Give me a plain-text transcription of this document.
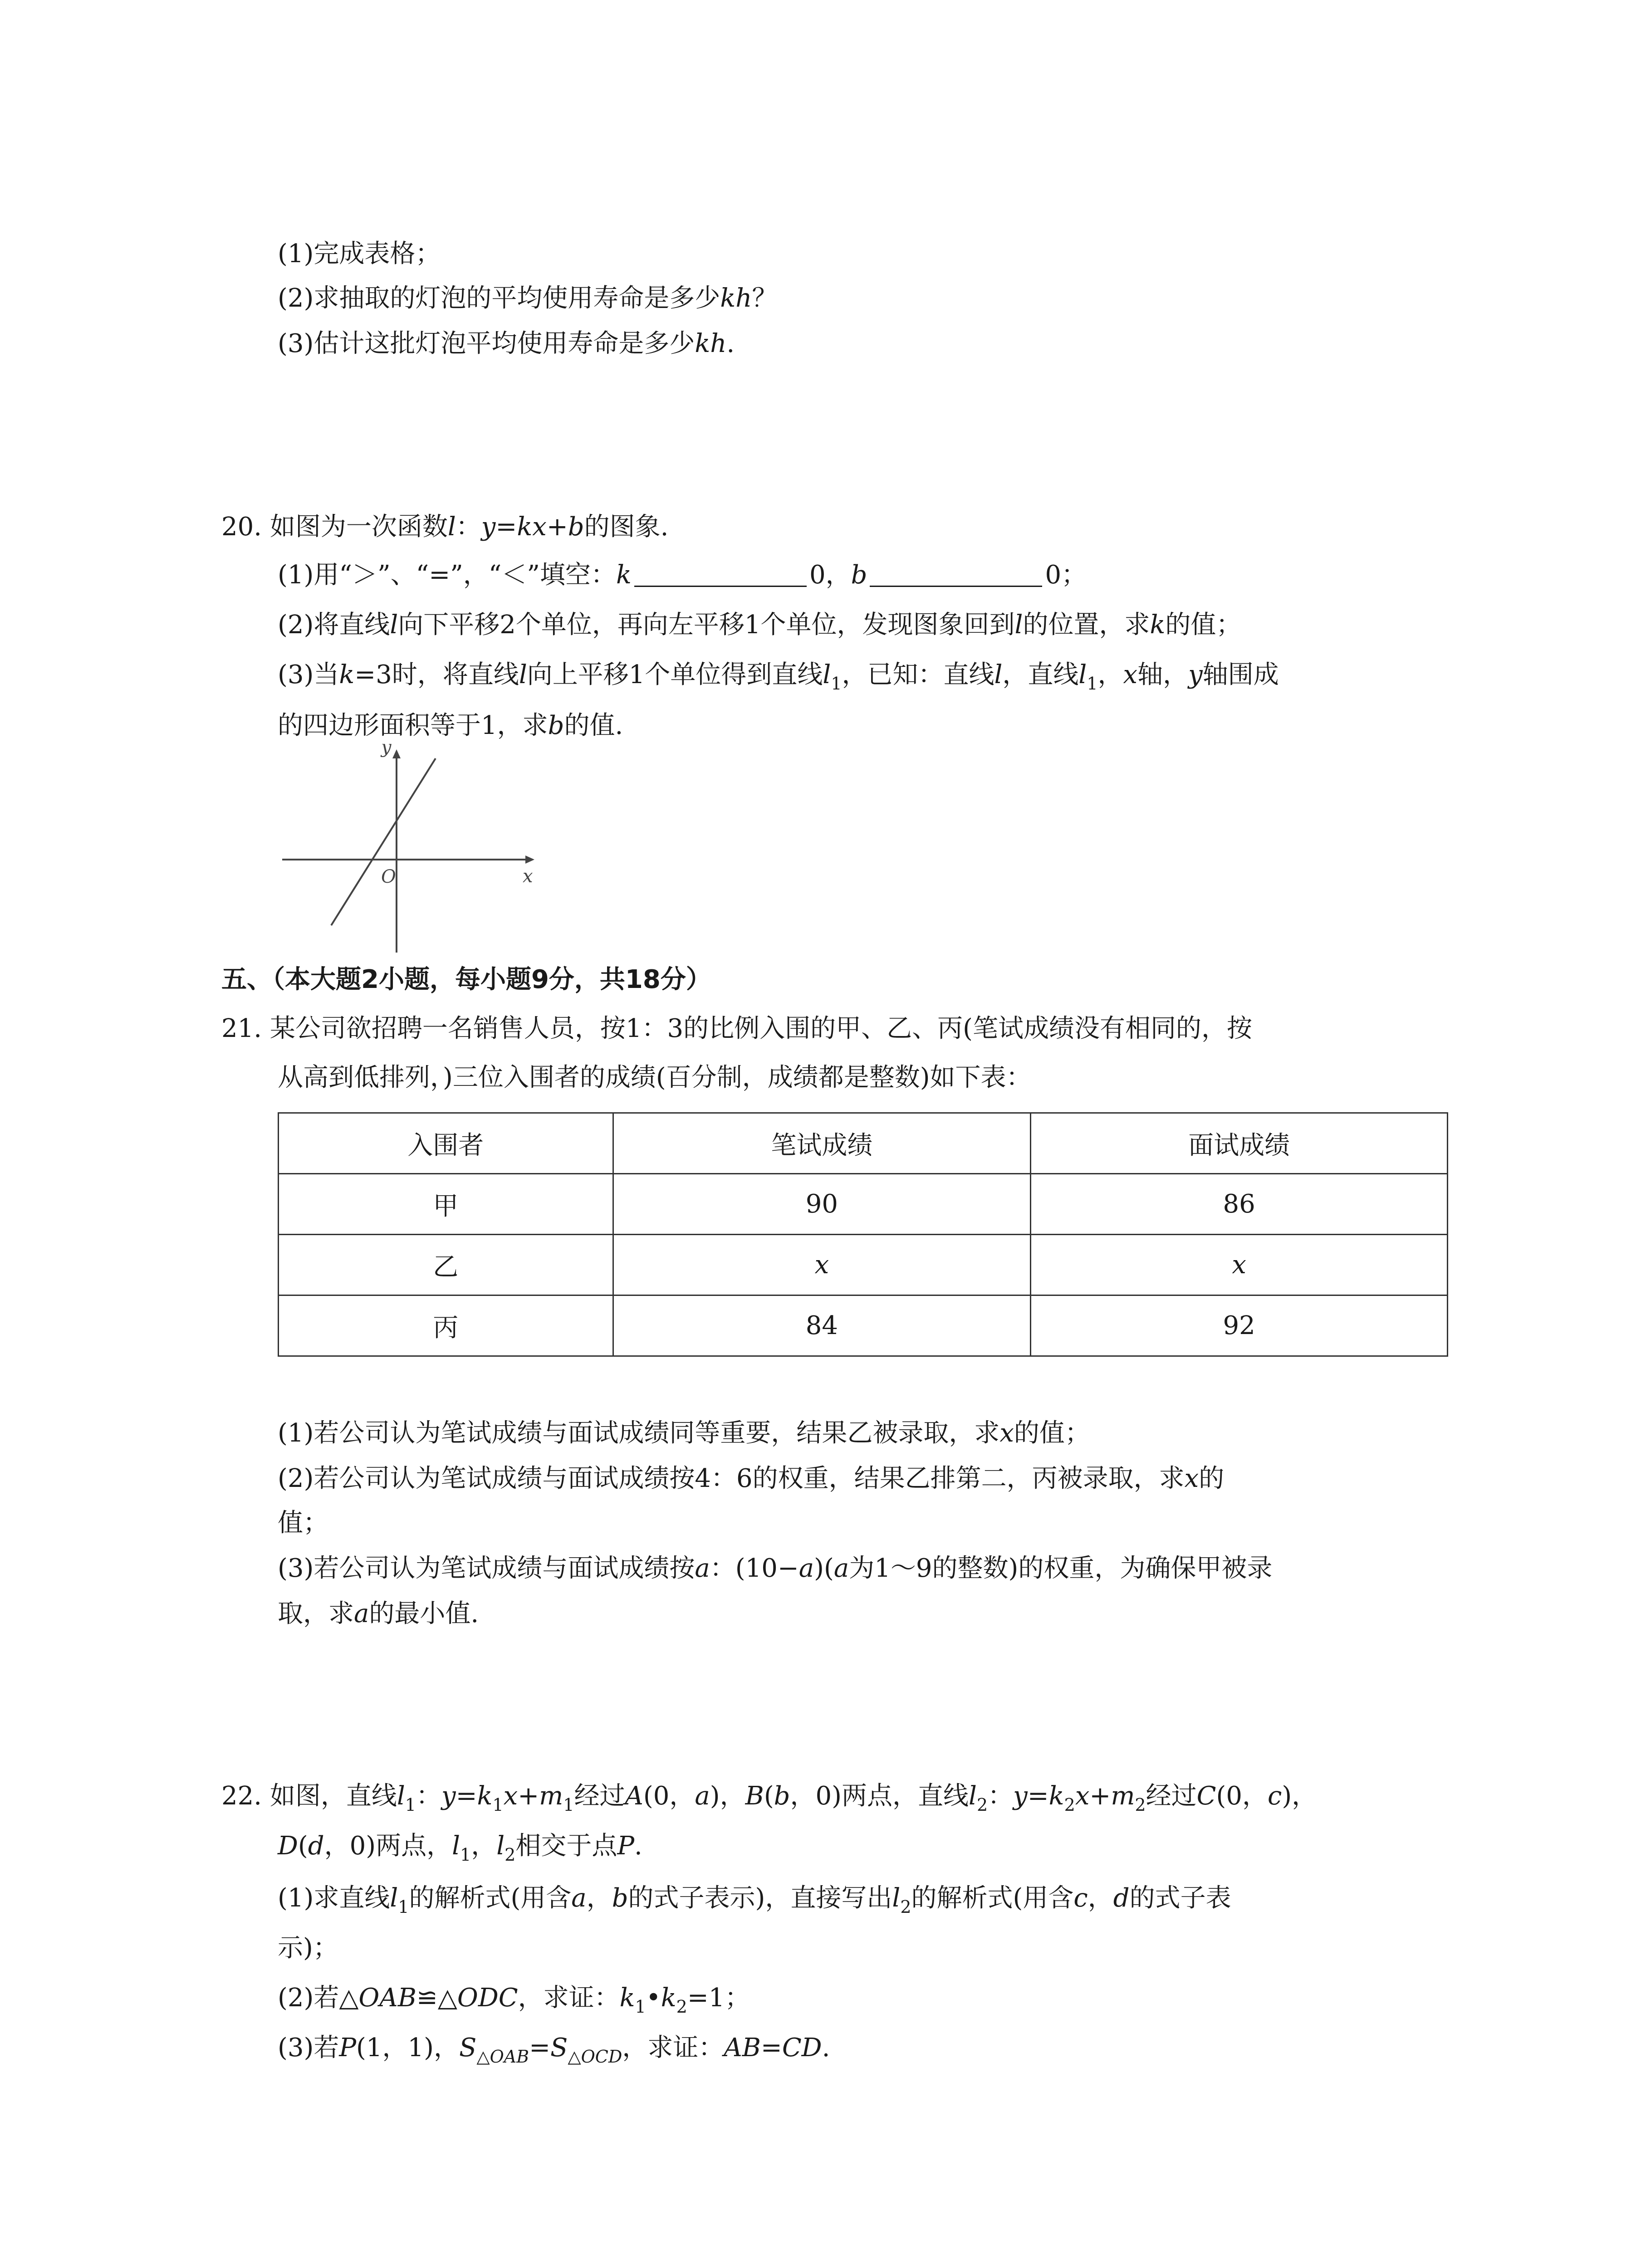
(1)完成表格；
(2)求抽取的灯泡的平均使用寿命是多少kh？
(3)估计这批灯泡平均使用寿命是多少kh.
20. 如图为一次函数l：y=kx+b的图象.
(1)用“＞”、“=”，“＜”填空：k	0，b	0；
(2)将直线l向下平移2个单位，再向左平移1个单位，发现图象回到l的位置，求k的值；
(3)当k=3时，将直线l向上平移1个单位得到直线$l_1$，已知：直线l，直线$l_1$，x轴，y轴围成
的四边形面积等于1，求b的值.
y
x
O
五、（本大题2小题，每小题9分，共18分）
21. 某公司欲招聘一名销售人员，按1：3的比例入围的甲、乙、丙(笔试成绩没有相同的，按
从高到低排列，)三位入围者的成绩(百分制，成绩都是整数)如下表：
入围者	笔试成绩	面试成绩
甲	90	86
乙	x	x
丙	84	92
(1)若公司认为笔试成绩与面试成绩同等重要，结果乙被录取，求x的值；
(2)若公司认为笔试成绩与面试成绩按4：6的权重，结果乙排第二，丙被录取，求x的
值；
(3)若公司认为笔试成绩与面试成绩按a：(10−a)(a为1～9的整数)的权重，为确保甲被录
取，求a的最小值.
22. 如图，直线$l_1$：$y=k_1x+m_1$经过A(0，a)，B(b，0)两点，直线$l_2$：$y=k_2x+m_2$经过C(0，c)，
D(d，0)两点，$l_1$，$l_2$相交于点P.
(1)求直线$l_1$的解析式(用含a，b的式子表示)，直接写出$l_2$的解析式(用含c，d的式子表
示)；
(2)若△OAB≌△ODC，求证：$k_1•k_2=1$；
(3)若P(1，1)，$S_{\triangle OAB}=S_{\triangle OCD}$，求证：AB=CD.
